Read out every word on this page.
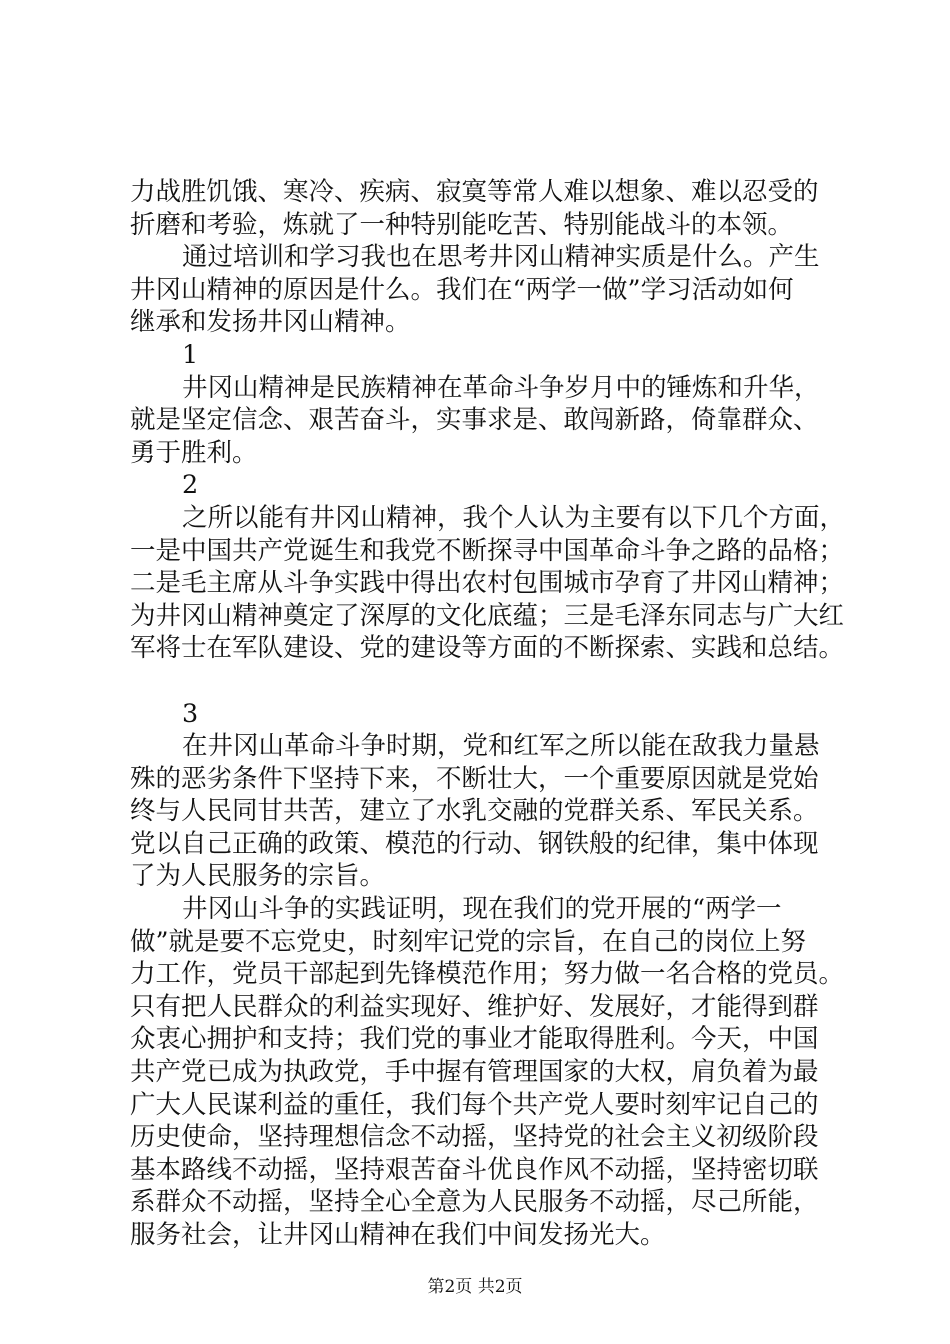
力战胜饥饿、寒冷、疾病、寂寞等常人难以想象、难以忍受的
折磨和考验，炼就了一种特别能吃苦、特别能战斗的本领。
通过培训和学习我也在思考井冈山精神实质是什么。产生
井冈山精神的原因是什么。我们在“两学一做”学习活动如何
继承和发扬井冈山精神。
1
井冈山精神是民族精神在革命斗争岁月中的锤炼和升华，
就是坚定信念、艰苦奋斗，实事求是、敢闯新路，倚靠群众、
勇于胜利。
2
之所以能有井冈山精神，我个人认为主要有以下几个方面，
一是中国共产党诞生和我党不断探寻中国革命斗争之路的品格；
二是毛主席从斗争实践中得出农村包围城市孕育了井冈山精神；
为井冈山精神奠定了深厚的文化底蕴；三是毛泽东同志与广大红
军将士在军队建设、党的建设等方面的不断探索、实践和总结。
3
在井冈山革命斗争时期，党和红军之所以能在敌我力量悬
殊的恶劣条件下坚持下来，不断壮大，一个重要原因就是党始
终与人民同甘共苦，建立了水乳交融的党群关系、军民关系。
党以自己正确的政策、模范的行动、钢铁般的纪律，集中体现
了为人民服务的宗旨。
井冈山斗争的实践证明，现在我们的党开展的“两学一
做”就是要不忘党史，时刻牢记党的宗旨，在自己的岗位上努
力工作，党员干部起到先锋模范作用；努力做一名合格的党员。
只有把人民群众的利益实现好、维护好、发展好，才能得到群
众衷心拥护和支持；我们党的事业才能取得胜利。今天，中国
共产党已成为执政党，手中握有管理国家的大权，肩负着为最
广大人民谋利益的重任，我们每个共产党人要时刻牢记自己的
历史使命，坚持理想信念不动摇，坚持党的社会主义初级阶段
基本路线不动摇，坚持艰苦奋斗优良作风不动摇，坚持密切联
系群众不动摇，坚持全心全意为人民服务不动摇，尽己所能，
服务社会，让井冈山精神在我们中间发扬光大。
第2页 共2页
